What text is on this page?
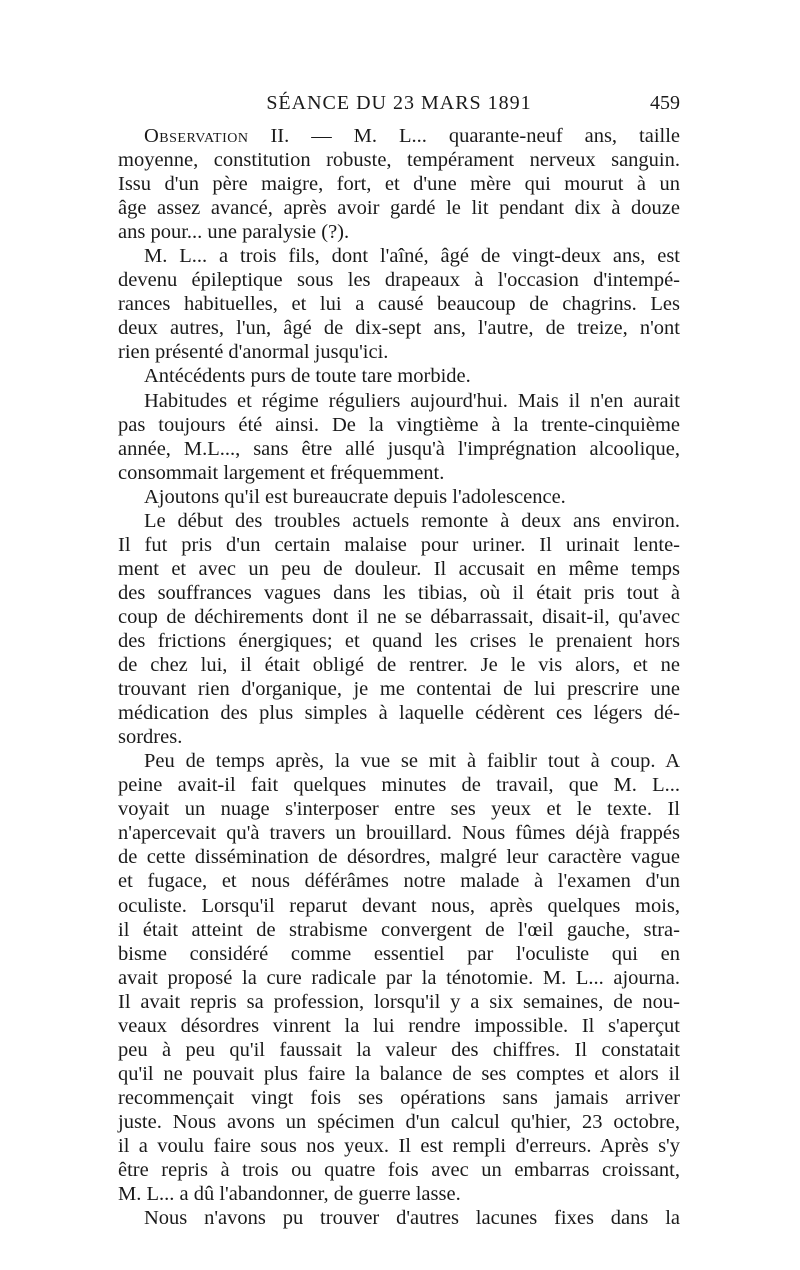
SÉANCE DU 23 MARS 1891	459
Observation II. — M. L... quarante-neuf ans, taille
moyenne, constitution robuste, tempérament nerveux sanguin.
Issu d'un père maigre, fort, et d'une mère qui mourut à un
âge assez avancé, après avoir gardé le lit pendant dix à douze
ans pour... une paralysie (?).
M. L... a trois fils, dont l'aîné, âgé de vingt-deux ans, est
devenu épileptique sous les drapeaux à l'occasion d'intempé-
rances habituelles, et lui a causé beaucoup de chagrins. Les
deux autres, l'un, âgé de dix-sept ans, l'autre, de treize, n'ont
rien présenté d'anormal jusqu'ici.
Antécédents purs de toute tare morbide.
Habitudes et régime réguliers aujourd'hui. Mais il n'en aurait
pas toujours été ainsi. De la vingtième à la trente-cinquième
année, M.L..., sans être allé jusqu'à l'imprégnation alcoolique,
consommait largement et fréquemment.
Ajoutons qu'il est bureaucrate depuis l'adolescence.
Le début des troubles actuels remonte à deux ans environ.
Il fut pris d'un certain malaise pour uriner. Il urinait lente-
ment et avec un peu de douleur. Il accusait en même temps
des souffrances vagues dans les tibias, où il était pris tout à
coup de déchirements dont il ne se débarrassait, disait-il, qu'avec
des frictions énergiques; et quand les crises le prenaient hors
de chez lui, il était obligé de rentrer. Je le vis alors, et ne
trouvant rien d'organique, je me contentai de lui prescrire une
médication des plus simples à laquelle cédèrent ces légers dé-
sordres.
Peu de temps après, la vue se mit à faiblir tout à coup. A
peine avait-il fait quelques minutes de travail, que M. L...
voyait un nuage s'interposer entre ses yeux et le texte. Il
n'apercevait qu'à travers un brouillard. Nous fûmes déjà frappés
de cette dissémination de désordres, malgré leur caractère vague
et fugace, et nous déférâmes notre malade à l'examen d'un
oculiste. Lorsqu'il reparut devant nous, après quelques mois,
il était atteint de strabisme convergent de l'œil gauche, stra-
bisme considéré comme essentiel par l'oculiste qui en
avait proposé la cure radicale par la ténotomie. M. L... ajourna.
Il avait repris sa profession, lorsqu'il y a six semaines, de nou-
veaux désordres vinrent la lui rendre impossible. Il s'aperçut
peu à peu qu'il faussait la valeur des chiffres. Il constatait
qu'il ne pouvait plus faire la balance de ses comptes et alors il
recommençait vingt fois ses opérations sans jamais arriver
juste. Nous avons un spécimen d'un calcul qu'hier, 23 octobre,
il a voulu faire sous nos yeux. Il est rempli d'erreurs. Après s'y
être repris à trois ou quatre fois avec un embarras croissant,
M. L... a dû l'abandonner, de guerre lasse.
Nous n'avons pu trouver d'autres lacunes fixes dans la
